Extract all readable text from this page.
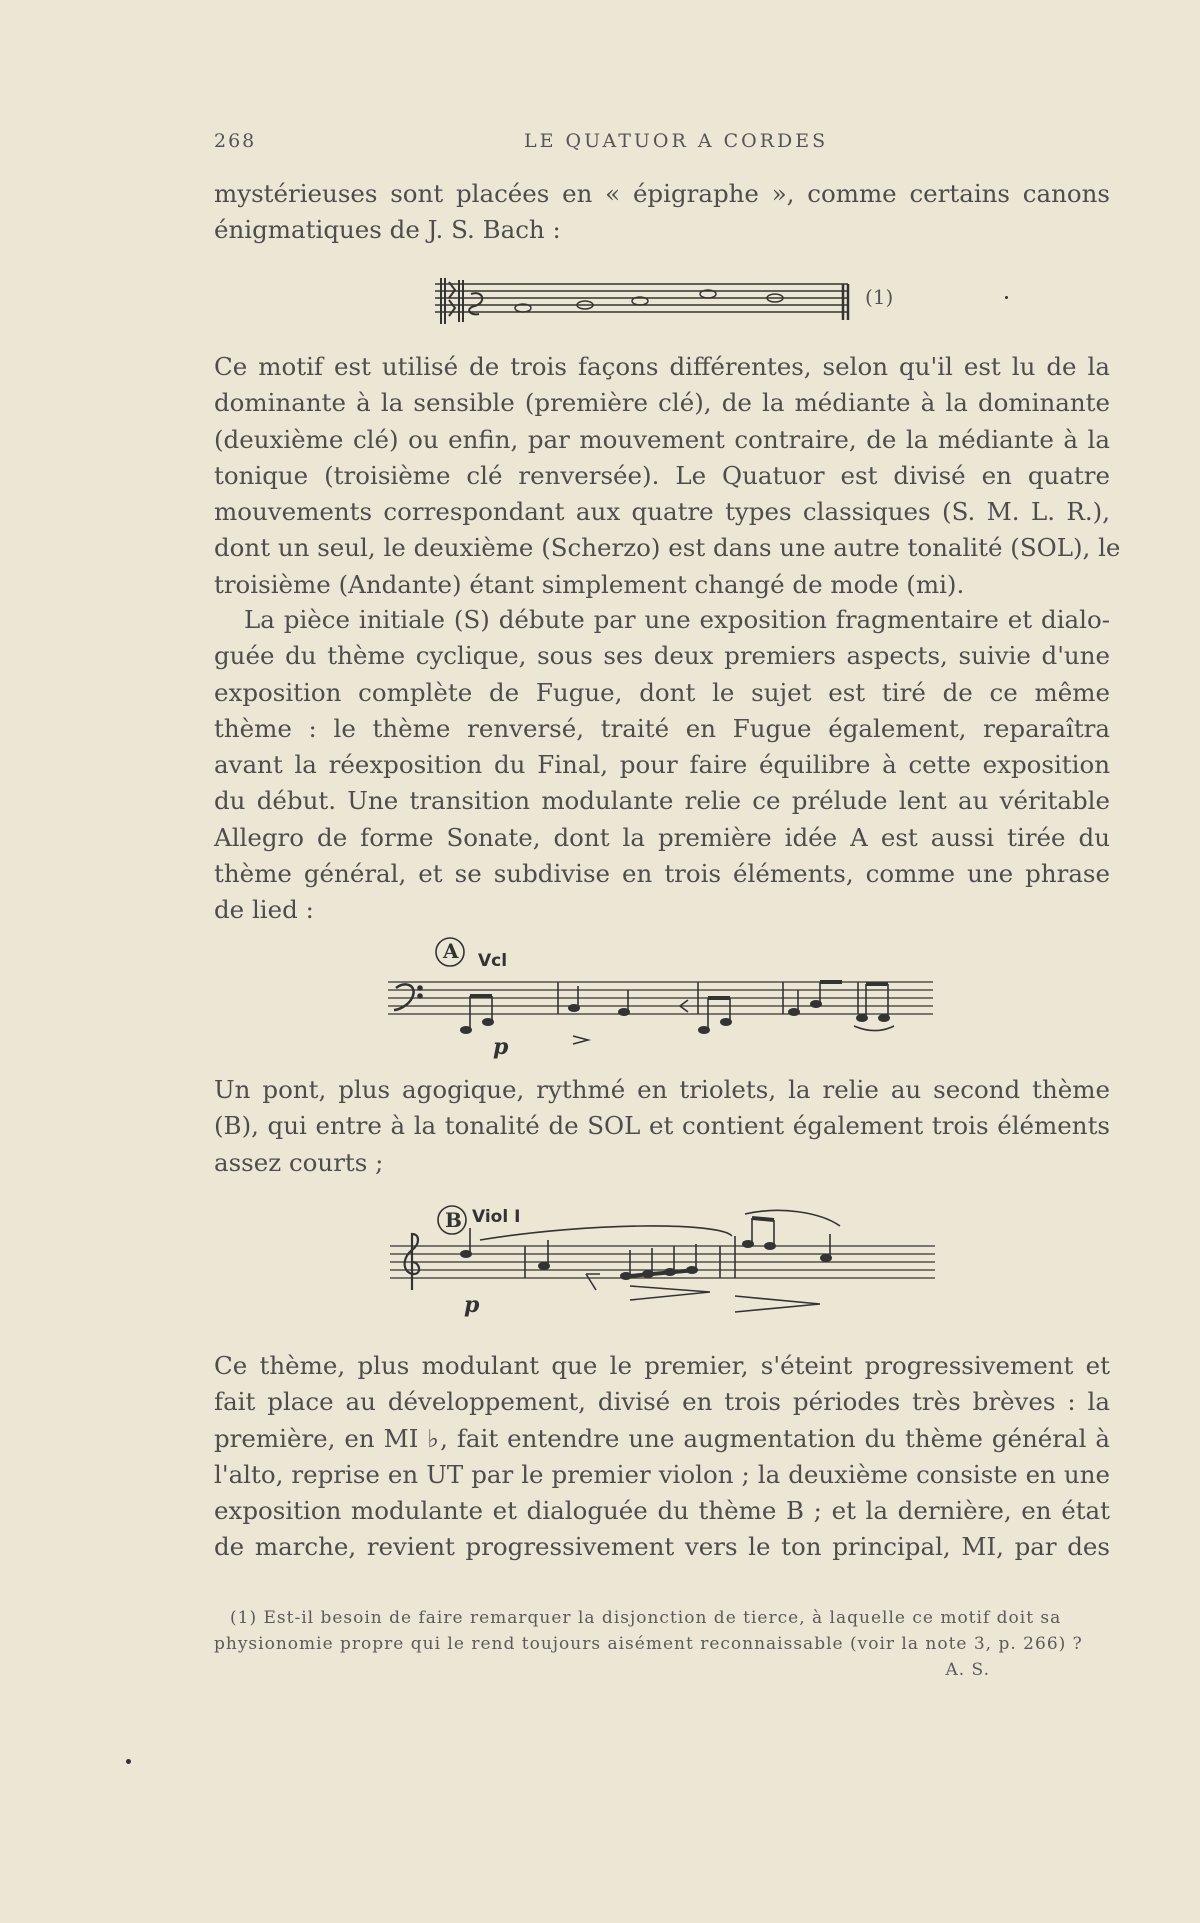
268	LE QUATUOR A CORDES
mystérieuses sont placées en « épigraphe », comme certains canons
énigmatiques de J. S. Bach :
(1)
Ce motif est utilisé de trois façons différentes, selon qu'il est lu de la
dominante à la sensible (première clé), de la médiante à la dominante
(deuxième clé) ou enfin, par mouvement contraire, de la médiante à la
tonique (troisième clé renversée). Le Quatuor est divisé en quatre
mouvements correspondant aux quatre types classiques (S. M. L. R.),
dont un seul, le deuxième (Scherzo) est dans une autre tonalité (SOL), le
troisième (Andante) étant simplement changé de mode (mi).
La pièce initiale (S) débute par une exposition fragmentaire et dialo-
guée du thème cyclique, sous ses deux premiers aspects, suivie d'une
exposition complète de Fugue, dont le sujet est tiré de ce même
thème : le thème renversé, traité en Fugue également, reparaîtra
avant la réexposition du Final, pour faire équilibre à cette exposition
du début. Une transition modulante relie ce prélude lent au véritable
Allegro de forme Sonate, dont la première idée A est aussi tirée du
thème général, et se subdivise en trois éléments, comme une phrase
de lied :
A Vcl
p
Un pont, plus agogique, rythmé en triolets, la relie au second thème
(B), qui entre à la tonalité de SOL et contient également trois éléments
assez courts ;
B Viol I
p
Ce thème, plus modulant que le premier, s'éteint progressivement et
fait place au développement, divisé en trois périodes très brèves : la
première, en MI ♭, fait entendre une augmentation du thème général à
l'alto, reprise en UT par le premier violon ; la deuxième consiste en une
exposition modulante et dialoguée du thème B ; et la dernière, en état
de marche, revient progressivement vers le ton principal, MI, par des
(1) Est-il besoin de faire remarquer la disjonction de tierce, à laquelle ce motif doit sa
physionomie propre qui le rend toujours aisément reconnaissable (voir la note 3, p. 266) ?
A. S.
